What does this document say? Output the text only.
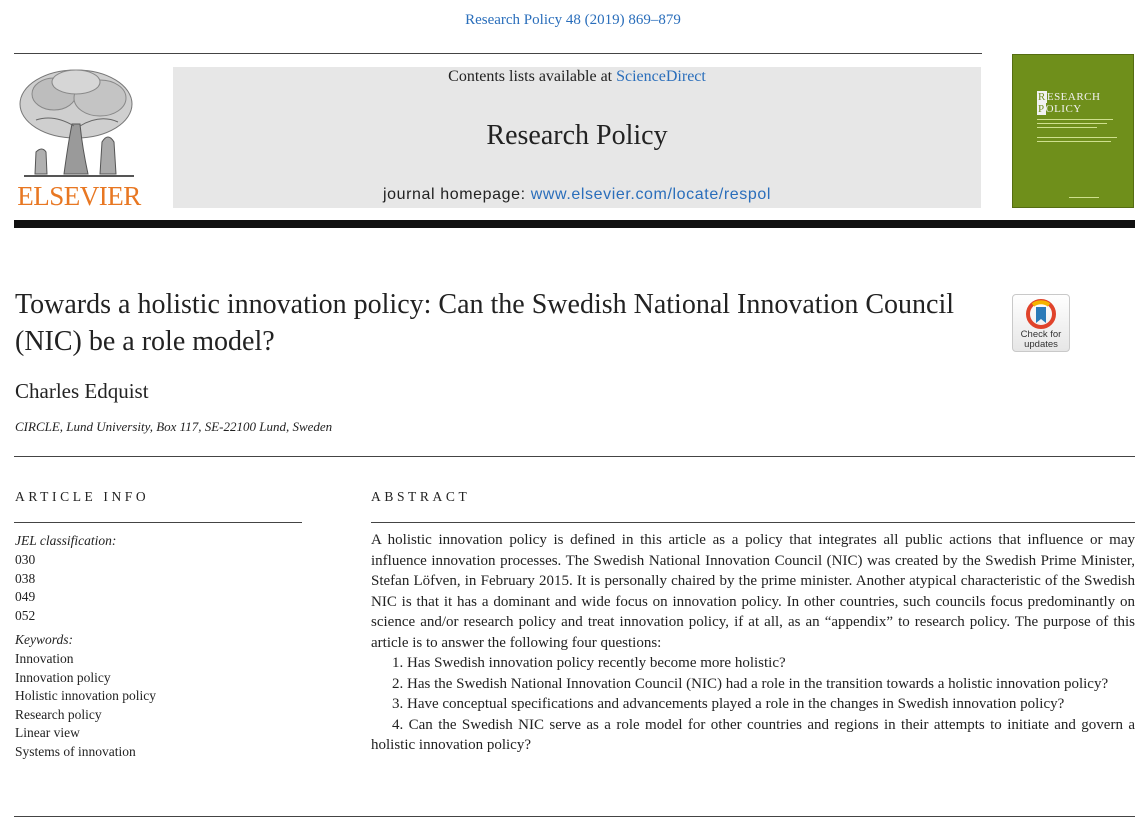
Research Policy 48 (2019) 869–879
ELSEVIER
Contents lists available at ScienceDirect
Research Policy
journal homepage: www.elsevier.com/locate/respol
RESEARCH
POLICY
Towards a holistic innovation policy: Can the Swedish National Innovation Council (NIC) be a role model?	Check for
updates
Charles Edquist
CIRCLE, Lund University, Box 117, SE-22100 Lund, Sweden
ARTICLE INFO
JEL classification:
030
038
049
052
Keywords:
Innovation
Innovation policy
Holistic innovation policy
Research policy
Linear view
Systems of innovation
ABSTRACT

A holistic innovation policy is defined in this article as a policy that integrates all public actions that influence or may influence innovation processes. The Swedish National Innovation Council (NIC) was created by the Swedish Prime Minister, Stefan Löfven, in February 2015. It is personally chaired by the prime minister. Another atypical characteristic of the Swedish NIC is that it has a dominant and wide focus on innovation policy. In other countries, such councils focus predominantly on science and/or research policy and treat innovation policy, if at all, as an “appendix” to research policy. The purpose of this article is to answer the following four questions:

1. Has Swedish innovation policy recently become more holistic?

2. Has the Swedish National Innovation Council (NIC) had a role in the transition towards a holistic innovation policy?

3. Have conceptual specifications and advancements played a role in the changes in Swedish innovation policy?

4. Can the Swedish NIC serve as a role model for other countries and regions in their attempts to initiate and govern a holistic innovation policy?
